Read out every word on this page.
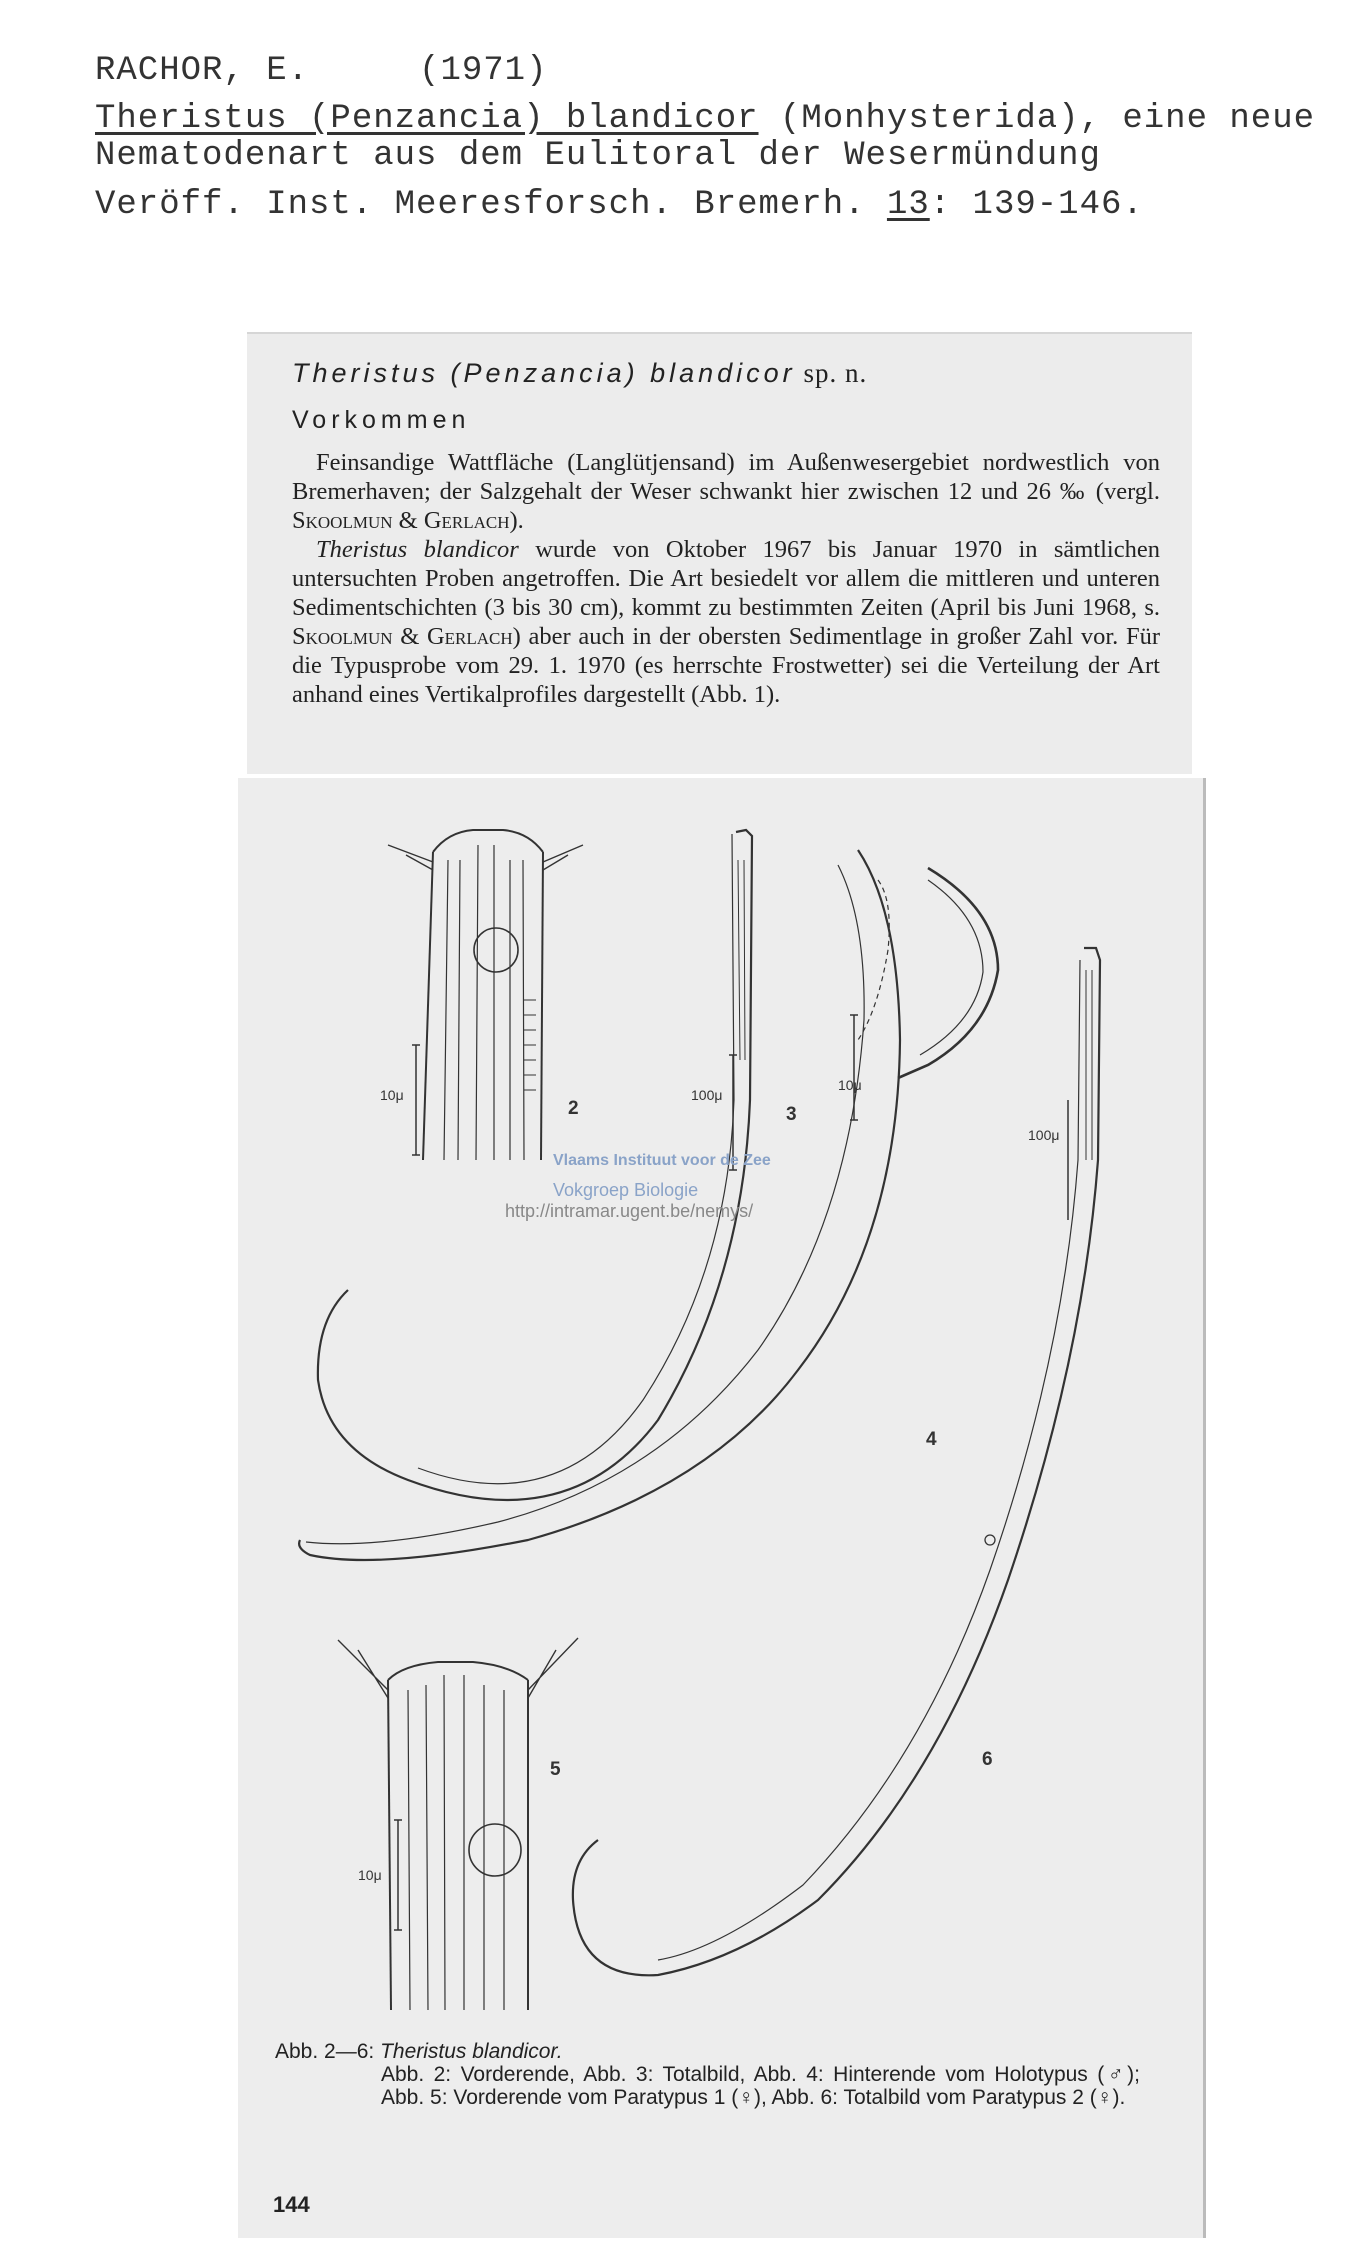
RACHOR, E.	(1971)
Theristus (Penzancia) blandicor (Monhysterida), eine neue
Nematodenart aus dem Eulitoral der Wesermündung
Veröff. Inst. Meeresforsch. Bremerh. 13: 139-146.
Theristus (Penzancia) blandicor sp. n.
Vorkommen

Feinsandige Wattfläche (Langlütjensand) im Außenwesergebiet nordwestlich von Bremerhaven; der Salzgehalt der Weser schwankt hier zwischen 12 und 26 ‰ (vergl. Skoolmun & Gerlach).

Theristus blandicor wurde von Oktober 1967 bis Januar 1970 in sämtlichen untersuchten Proben angetroffen. Die Art besiedelt vor allem die mittleren und unteren Sedimentschichten (3 bis 30 cm), kommt zu bestimmten Zeiten (April bis Juni 1968, s. Skoolmun & Gerlach) aber auch in der obersten Sedimentlage in großer Zahl vor. Für die Typusprobe vom 29. 1. 1970 (es herrschte Frostwetter) sei die Verteilung der Art anhand eines Vertikalprofiles dargestellt (Abb. 1).

10μ
2
100μ
3
10μ
4
100μ
6
10μ
5
Vlaams Instituut voor de Zee
Vokgroep Biologie
http://intramar.ugent.be/nemys/
Abb. 2—6: Theristus blandicor.
Abb. 2: Vorderende, Abb. 3: Totalbild, Abb. 4: Hinterende vom Holotypus (♂); Abb. 5: Vorderende vom Paratypus 1 (♀), Abb. 6: Totalbild vom Paratypus 2 (♀).
144
